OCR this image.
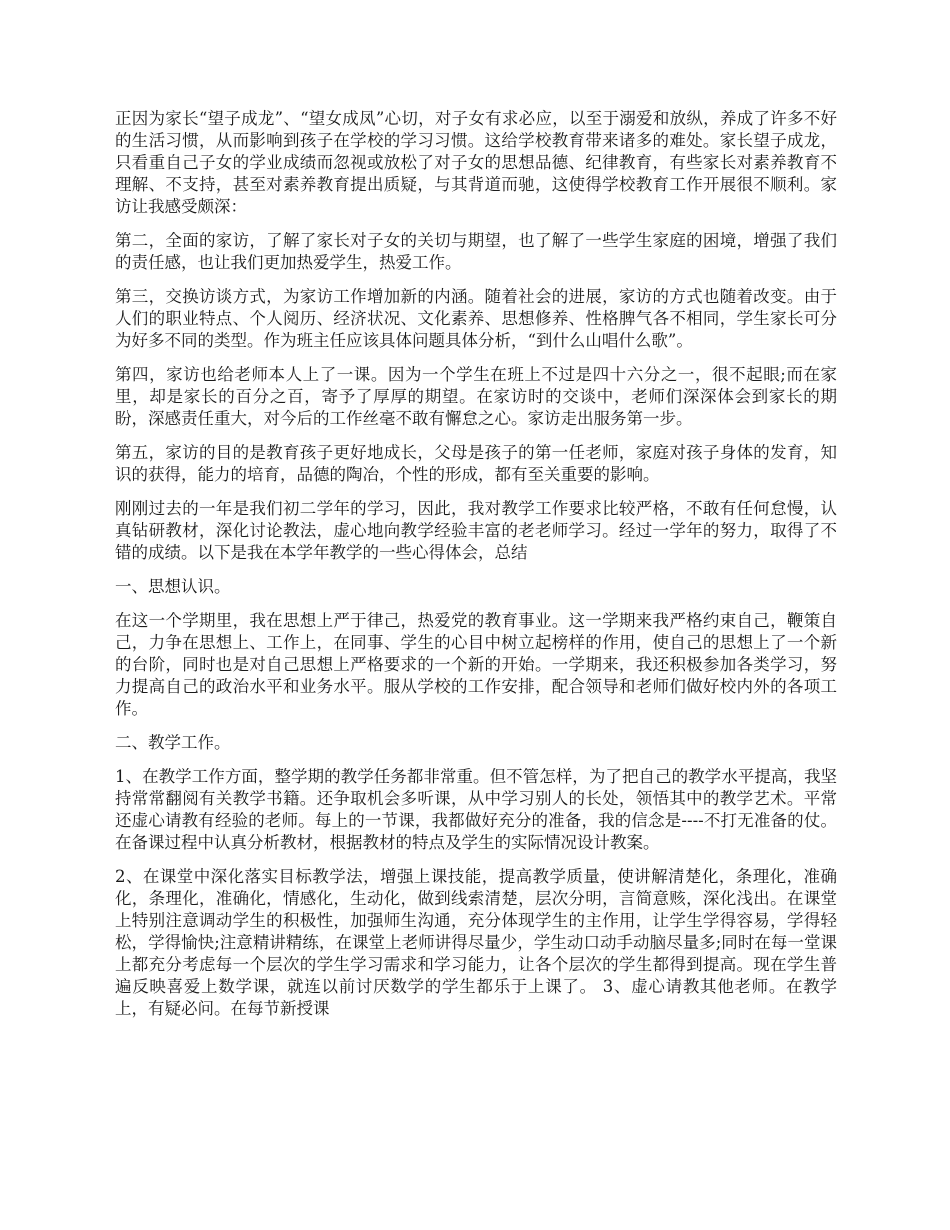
正因为家长“望子成龙”、“望女成凤”心切，对子女有求必应，以至于溺爱和放纵，养成了许多不好的生活习惯，从而影响到孩子在学校的学习习惯。这给学校教育带来诸多的难处。家长望子成龙，只看重自己子女的学业成绩而忽视或放松了对子女的思想品德、纪律教育，有些家长对素养教育不理解、不支持，甚至对素养教育提出质疑，与其背道而驰，这使得学校教育工作开展很不顺利。家访让我感受颇深：

第二，全面的家访，了解了家长对子女的关切与期望，也了解了一些学生家庭的困境，增强了我们的责任感，也让我们更加热爱学生，热爱工作。

第三，交换访谈方式，为家访工作增加新的内涵。随着社会的进展，家访的方式也随着改变。由于人们的职业特点、个人阅历、经济状况、文化素养、思想修养、性格脾气各不相同，学生家长可分为好多不同的类型。作为班主任应该具体问题具体分析，“到什么山唱什么歌”。

第四，家访也给老师本人上了一课。因为一个学生在班上不过是四十六分之一，很不起眼;而在家里，却是家长的百分之百，寄予了厚厚的期望。在家访时的交谈中，老师们深深体会到家长的期盼，深感责任重大，对今后的工作丝毫不敢有懈怠之心。家访走出服务第一步。

第五，家访的目的是教育孩子更好地成长，父母是孩子的第一任老师，家庭对孩子身体的发育，知识的获得，能力的培育，品德的陶冶，个性的形成，都有至关重要的影响。

刚刚过去的一年是我们初二学年的学习，因此，我对教学工作要求比较严格，不敢有任何怠慢，认真钻研教材，深化讨论教法，虚心地向教学经验丰富的老老师学习。经过一学年的努力，取得了不错的成绩。以下是我在本学年教学的一些心得体会，总结

一、思想认识。

在这一个学期里，我在思想上严于律己，热爱党的教育事业。这一学期来我严格约束自己，鞭策自己，力争在思想上、工作上，在同事、学生的心目中树立起榜样的作用，使自己的思想上了一个新的台阶，同时也是对自己思想上严格要求的一个新的开始。一学期来，我还积极参加各类学习，努力提高自己的政治水平和业务水平。服从学校的工作安排，配合领导和老师们做好校内外的各项工作。

二、教学工作。

1、在教学工作方面，整学期的教学任务都非常重。但不管怎样，为了把自己的教学水平提高，我坚持常常翻阅有关教学书籍。还争取机会多听课，从中学习别人的长处，领悟其中的教学艺术。平常还虚心请教有经验的老师。每上的一节课，我都做好充分的准备，我的信念是----不打无准备的仗。在备课过程中认真分析教材，根据教材的特点及学生的实际情况设计教案。

2、在课堂中深化落实目标教学法，增强上课技能，提高教学质量，使讲解清楚化，条理化，准确化，条理化，准确化，情感化，生动化，做到线索清楚，层次分明，言简意赅，深化浅出。在课堂上特别注意调动学生的积极性，加强师生沟通，充分体现学生的主作用，让学生学得容易，学得轻松，学得愉快;注意精讲精练，在课堂上老师讲得尽量少，学生动口动手动脑尽量多;同时在每一堂课上都充分考虑每一个层次的学生学习需求和学习能力，让各个层次的学生都得到提高。现在学生普遍反映喜爱上数学课，就连以前讨厌数学的学生都乐于上课了。 3、虚心请教其他老师。在教学上，有疑必问。在每节新授课
